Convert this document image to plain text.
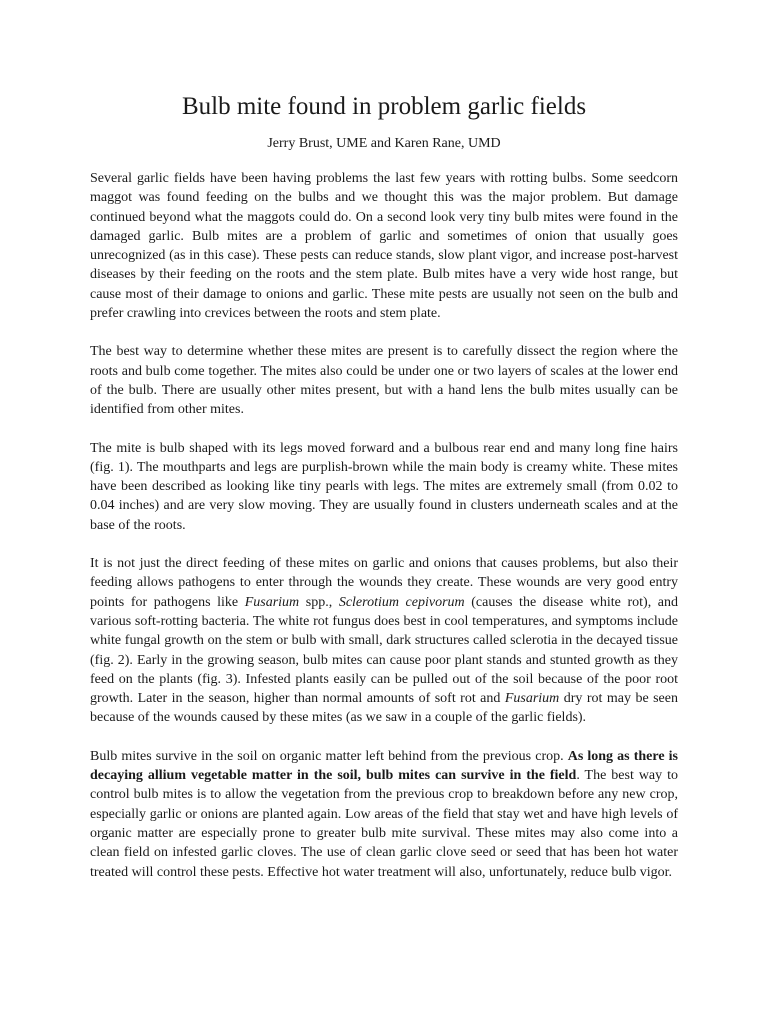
Bulb mite found in problem garlic fields
Jerry Brust, UME and Karen Rane, UMD

Several garlic fields have been having problems the last few years with rotting bulbs. Some seedcorn maggot was found feeding on the bulbs and we thought this was the major problem. But damage continued beyond what the maggots could do. On a second look very tiny bulb mites were found in the damaged garlic. Bulb mites are a problem of garlic and sometimes of onion that usually goes unrecognized (as in this case). These pests can reduce stands, slow plant vigor, and increase post-harvest diseases by their feeding on the roots and the stem plate. Bulb mites have a very wide host range, but cause most of their damage to onions and garlic. These mite pests are usually not seen on the bulb and prefer crawling into crevices between the roots and stem plate.

The best way to determine whether these mites are present is to carefully dissect the region where the roots and bulb come together. The mites also could be under one or two layers of scales at the lower end of the bulb. There are usually other mites present, but with a hand lens the bulb mites usually can be identified from other mites.

The mite is bulb shaped with its legs moved forward and a bulbous rear end and many long fine hairs (fig. 1). The mouthparts and legs are purplish-brown while the main body is creamy white. These mites have been described as looking like tiny pearls with legs. The mites are extremely small (from 0.02 to 0.04 inches) and are very slow moving. They are usually found in clusters underneath scales and at the base of the roots.

It is not just the direct feeding of these mites on garlic and onions that causes problems, but also their feeding allows pathogens to enter through the wounds they create. These wounds are very good entry points for pathogens like Fusarium spp., Sclerotium cepivorum (causes the disease white rot), and various soft-rotting bacteria. The white rot fungus does best in cool temperatures, and symptoms include white fungal growth on the stem or bulb with small, dark structures called sclerotia in the decayed tissue (fig. 2). Early in the growing season, bulb mites can cause poor plant stands and stunted growth as they feed on the plants (fig. 3). Infested plants easily can be pulled out of the soil because of the poor root growth. Later in the season, higher than normal amounts of soft rot and Fusarium dry rot may be seen because of the wounds caused by these mites (as we saw in a couple of the garlic fields).

Bulb mites survive in the soil on organic matter left behind from the previous crop. As long as there is decaying allium vegetable matter in the soil, bulb mites can survive in the field. The best way to control bulb mites is to allow the vegetation from the previous crop to breakdown before any new crop, especially garlic or onions are planted again. Low areas of the field that stay wet and have high levels of organic matter are especially prone to greater bulb mite survival. These mites may also come into a clean field on infested garlic cloves. The use of clean garlic clove seed or seed that has been hot water treated will control these pests. Effective hot water treatment will also, unfortunately, reduce bulb vigor.
